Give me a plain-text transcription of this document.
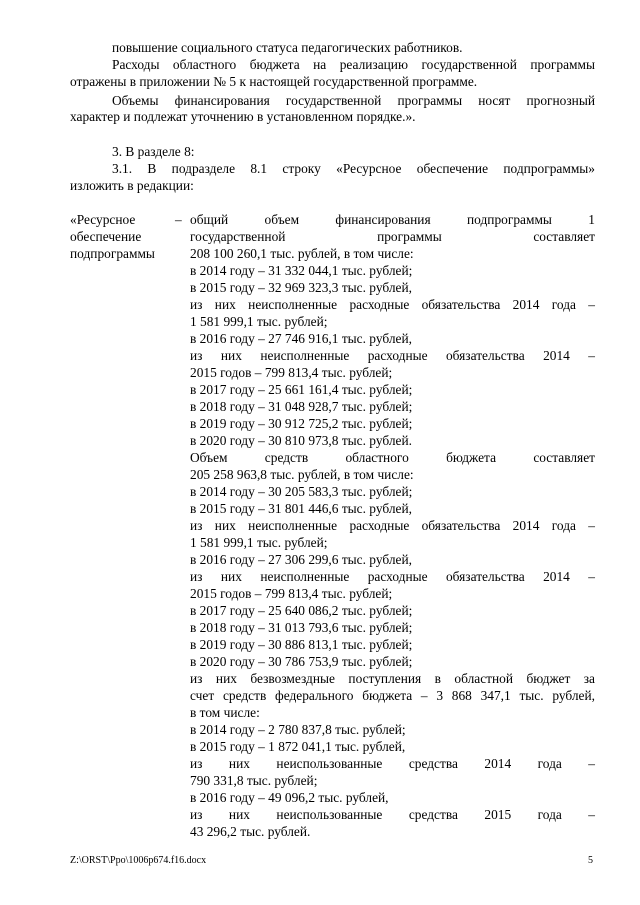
повышение социального статуса педагогических работников.
Расходы областного бюджета на реализацию государственной программы
отражены в приложении № 5 к настоящей государственной программе.
Объемы финансирования государственной программы носят прогнозный
характер и подлежат уточнению в установленном порядке.».
3. В разделе 8:
3.1. В подразделе 8.1 строку «Ресурсное обеспечение подпрограммы»
изложить в редакции:
«Ресурсное
обеспечение
подпрограммы
– общий объем финансирования подпрограммы 1
государственной программы составляет
208 100 260,1 тыс. рублей, в том числе:
в 2014 году – 31 332 044,1 тыс. рублей;
в 2015 году – 32 969 323,3 тыс. рублей,
из них неисполненные расходные обязательства 2014 года –
1 581 999,1 тыс. рублей;
в 2016 году – 27 746 916,1 тыс. рублей,
из них неисполненные расходные обязательства 2014 –
2015 годов – 799 813,4 тыс. рублей;
в 2017 году – 25 661 161,4 тыс. рублей;
в 2018 году – 31 048 928,7 тыс. рублей;
в 2019 году – 30 912 725,2 тыс. рублей;
в 2020 году – 30 810 973,8 тыс. рублей.
Объем средств областного бюджета составляет
205 258 963,8 тыс. рублей, в том числе:
в 2014 году – 30 205 583,3 тыс. рублей;
в 2015 году – 31 801 446,6 тыс. рублей,
из них неисполненные расходные обязательства 2014 года –
1 581 999,1 тыс. рублей;
в 2016 году – 27 306 299,6 тыс. рублей,
из них неисполненные расходные обязательства 2014 –
2015 годов – 799 813,4 тыс. рублей;
в 2017 году – 25 640 086,2 тыс. рублей;
в 2018 году – 31 013 793,6 тыс. рублей;
в 2019 году – 30 886 813,1 тыс. рублей;
в 2020 году – 30 786 753,9 тыс. рублей;
из них безвозмездные поступления в областной бюджет за
счет средств федерального бюджета – 3 868 347,1 тыс. рублей,
в том числе:
в 2014 году – 2 780 837,8 тыс. рублей;
в 2015 году – 1 872 041,1 тыс. рублей,
из них неиспользованные средства 2014 года –
790 331,8 тыс. рублей;
в 2016 году – 49 096,2 тыс. рублей,
из них неиспользованные средства 2015 года –
43 296,2 тыс. рублей.
Z:\ORST\Ppo\1006p674.f16.docx	5
